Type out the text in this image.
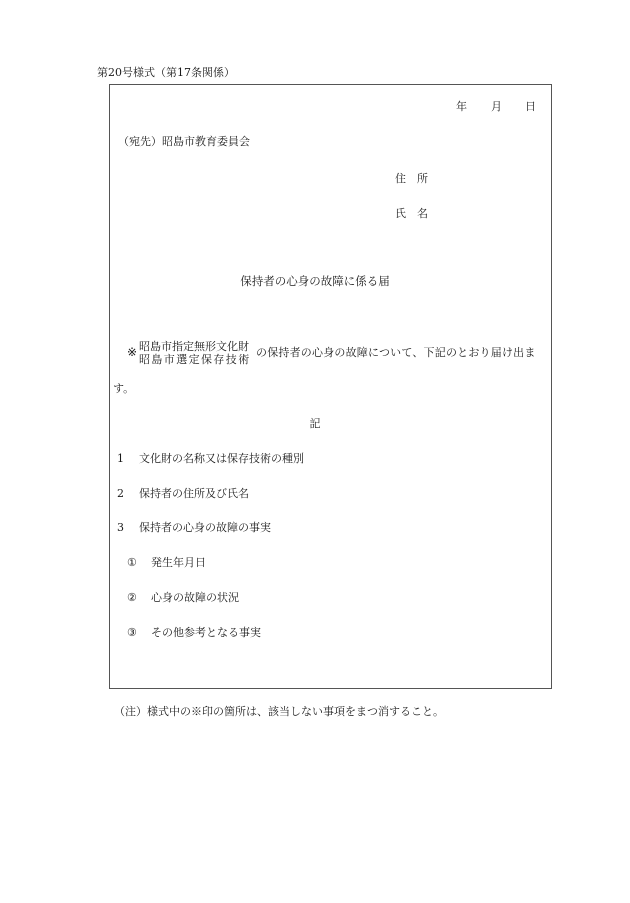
第20号様式（第17条関係）
年 月 日
（宛先）昭島市教育委員会
住　所
氏　名
保持者の心身の故障に係る届
※ 昭島市指定無形文化財
昭島市選定保存技術
の保持者の心身の故障について、下記のとおり届け出ま
す。
記
1 文化財の名称又は保存技術の種別
2 保持者の住所及び氏名
3 保持者の心身の故障の事実
① 発生年月日
② 心身の故障の状況
③ その他参考となる事実
（注）様式中の※印の箇所は、該当しない事項をまつ消すること。
